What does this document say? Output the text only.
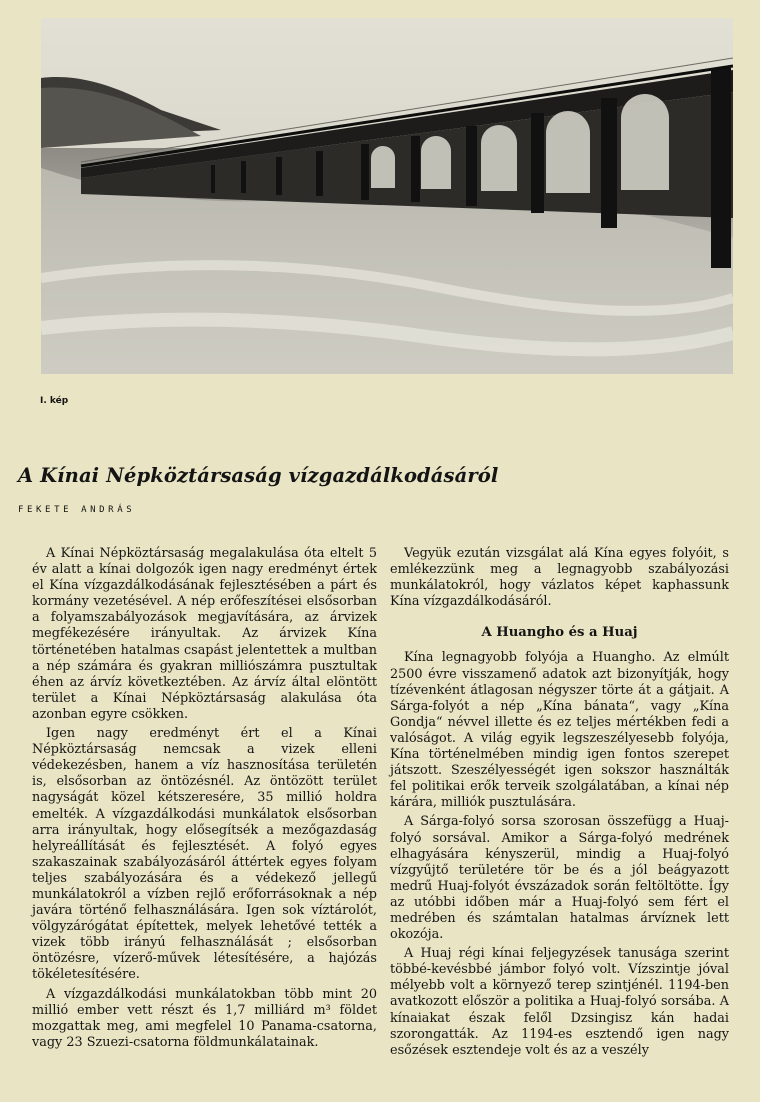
I. kép
A Kínai Népköztársaság vízgazdálkodásáról
FEKETE ANDRÁS

A Kínai Népköztársaság megalakulása óta eltelt 5 év alatt a kínai dolgozók igen nagy eredményt értek el Kína vízgazdálkodásának fejlesztésében a párt és kormány vezetésével. A nép erőfeszítései elsősorban a folyamszabályozások megjavítására, az árvizek megfékezésére irányultak. Az árvizek Kína történetében hatalmas csapást jelentettek a multban a nép számára és gyakran milliószámra pusztultak éhen az árvíz következtében. Az árvíz által elöntött terület a Kínai Népköztársaság alakulása óta azonban egyre csökken.

Igen nagy eredményt ért el a Kínai Népköztársaság nemcsak a vizek elleni védekezésben, hanem a víz hasznosítása területén is, elsősorban az öntözésnél. Az öntözött terület nagyságát közel kétszeresére, 35 millió holdra emelték. A vízgazdálkodási munkálatok elsősorban arra irányultak, hogy elősegítsék a mezőgazdaság helyreállítását és fejlesztését. A folyó egyes szakaszainak szabályozásáról áttértek egyes folyam teljes szabályozására és a védekező jellegű munkálatokról a vízben rejlő erőforrásoknak a nép javára történő felhasználására. Igen sok víztárolót, völgyzárógátat építettek, melyek lehetővé tették a vizek több irányú felhasználását ; elsősorban öntözésre, vízerő-művek létesítésére, a hajózás tökéletesítésére.

A vízgazdálkodási munkálatokban több mint 20 millió ember vett részt és 1,7 milliárd m³ földet mozgattak meg, ami megfelel 10 Panama-csatorna, vagy 23 Szuezi-csatorna földmunkálatainak.

Vegyük ezután vizsgálat alá Kína egyes folyóit, s emlékezzünk meg a legnagyobb szabályozási munkálatokról, hogy vázlatos képet kaphassunk Kína vízgazdálkodásáról.

A Huangho és a Huaj

Kína legnagyobb folyója a Huangho. Az elmúlt 2500 évre visszamenő adatok azt bizonyítják, hogy tízévenként átlagosan négyszer törte át a gátjait. A Sárga-folyót a nép „Kína bánata“, vagy „Kína Gondja“ névvel illette és ez teljes mértékben fedi a valóságot. A világ egyik legszeszélyesebb folyója, Kína történelmében mindig igen fontos szerepet játszott. Szeszélyességét igen sokszor használták fel politikai erők terveik szolgálatában, a kínai nép kárára, milliók pusztulására.

A Sárga-folyó sorsa szorosan összefügg a Huaj-folyó sorsával. Amikor a Sárga-folyó medrének elhagyására kényszerül, mindig a Huaj-folyó vízgyűjtő területére tör be és a jól beágyazott medrű Huaj-folyót évszázadok során feltöltötte. Így az utóbbi időben már a Huaj-folyó sem fért el medrében és számtalan hatalmas árvíznek lett okozója.

A Huaj régi kínai feljegyzések tanusága szerint többé-kevésbbé jámbor folyó volt. Vízszintje jóval mélyebb volt a környező terep szintjénél. 1194-ben avatkozott először a politika a Huaj-folyó sorsába. A kínaiakat észak felől Dzsingisz kán hadai szorongatták. Az 1194-es esztendő igen nagy esőzések esztendeje volt és az a veszély
